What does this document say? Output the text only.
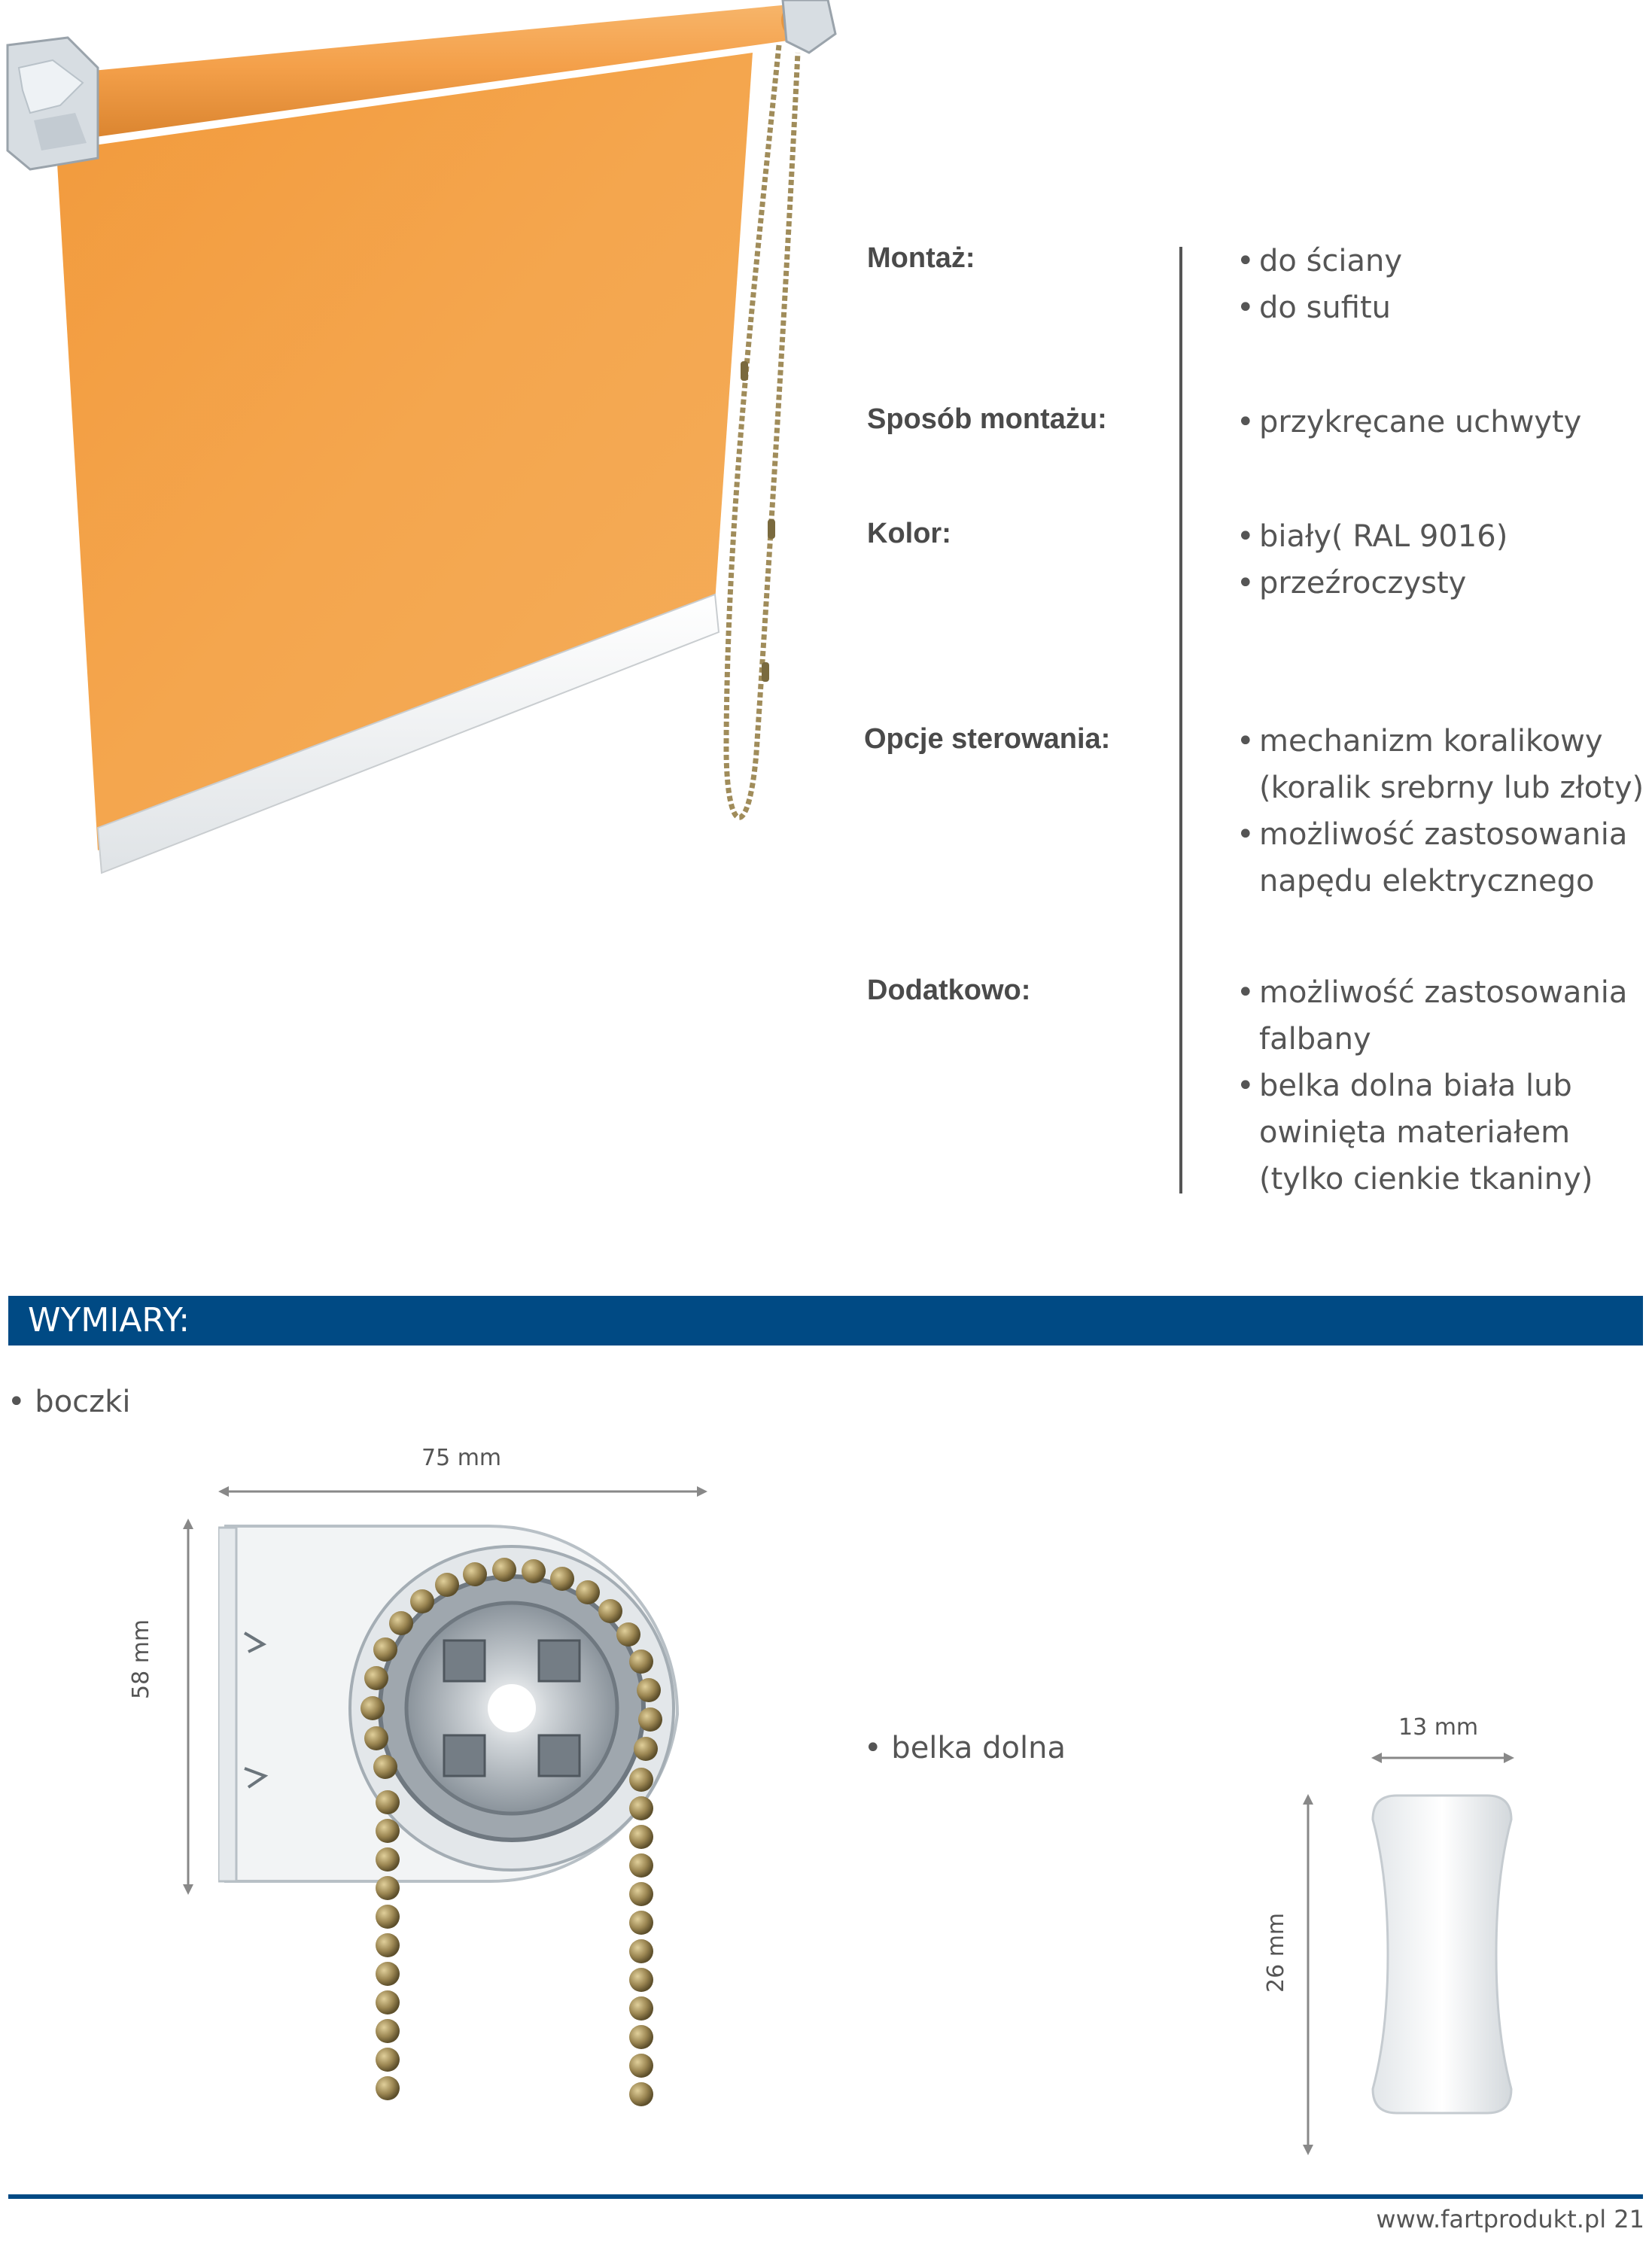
Montaż:	• do ściany
• do sufitu
Sposób montażu:	• przykręcane uchwyty
Kolor:	• biały( RAL 9016)
• przeźroczysty
Opcje sterowania:	• mechanizm koralikowy
(koralik srebrny lub złoty)
• możliwość zastosowania
napędu elektrycznego
Dodatkowo:	• możliwość zastosowania
falbany
• belka dolna biała lub
owinięta materiałem
(tylko cienkie tkaniny)
WYMIARY:
• boczki
75 mm
58 mm
• belka dolna
13 mm
26 mm
www.fartprodukt.pl 21
